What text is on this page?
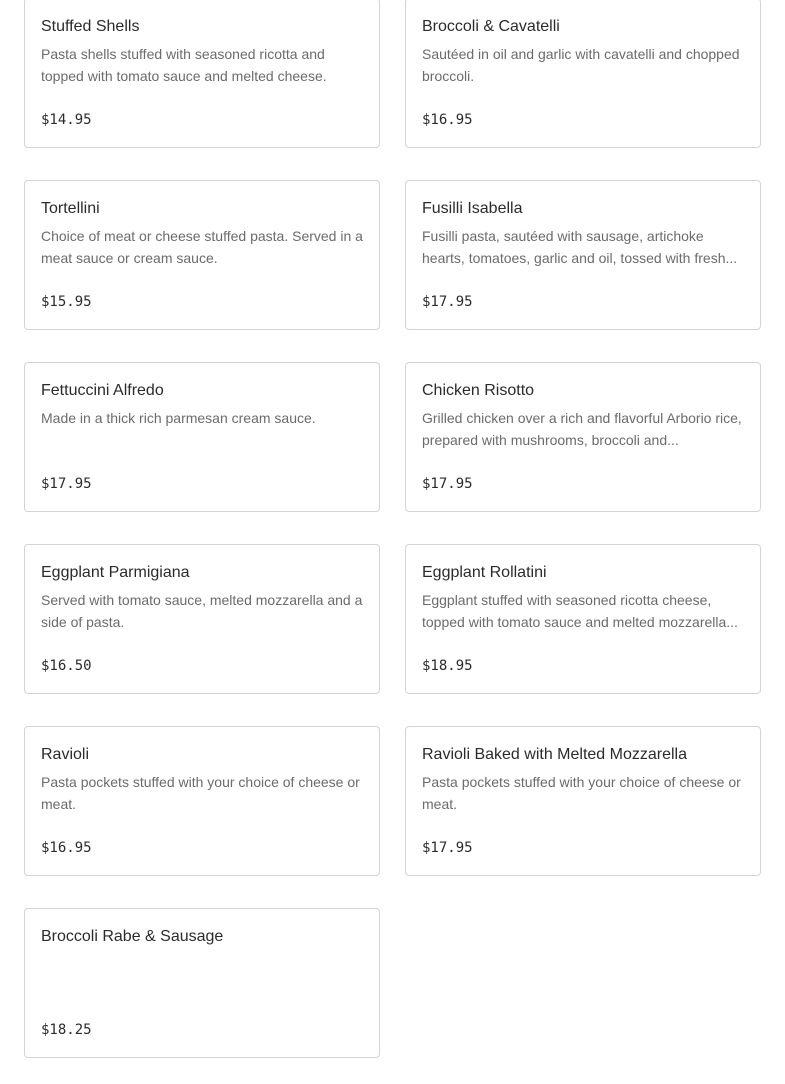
Stuffed Shells
Pasta shells stuffed with seasoned ricotta and topped with tomato sauce and melted cheese.
$14.95
Broccoli & Cavatelli
Sautéed in oil and garlic with cavatelli and chopped broccoli.
$16.95
Tortellini
Choice of meat or cheese stuffed pasta. Served in a meat sauce or cream sauce.
$15.95
Fusilli Isabella
Fusilli pasta, sautéed with sausage, artichoke hearts, tomatoes, garlic and oil, tossed with fresh...
$17.95
Fettuccini Alfredo
Made in a thick rich parmesan cream sauce.
$17.95
Chicken Risotto
Grilled chicken over a rich and flavorful Arborio rice, prepared with mushrooms, broccoli and...
$17.95
Eggplant Parmigiana
Served with tomato sauce, melted mozzarella and a side of pasta.
$16.50
Eggplant Rollatini
Eggplant stuffed with seasoned ricotta cheese, topped with tomato sauce and melted mozzarella...
$18.95
Ravioli
Pasta pockets stuffed with your choice of cheese or meat.
$16.95
Ravioli Baked with Melted Mozzarella
Pasta pockets stuffed with your choice of cheese or meat.
$17.95
Broccoli Rabe & Sausage
$18.25
